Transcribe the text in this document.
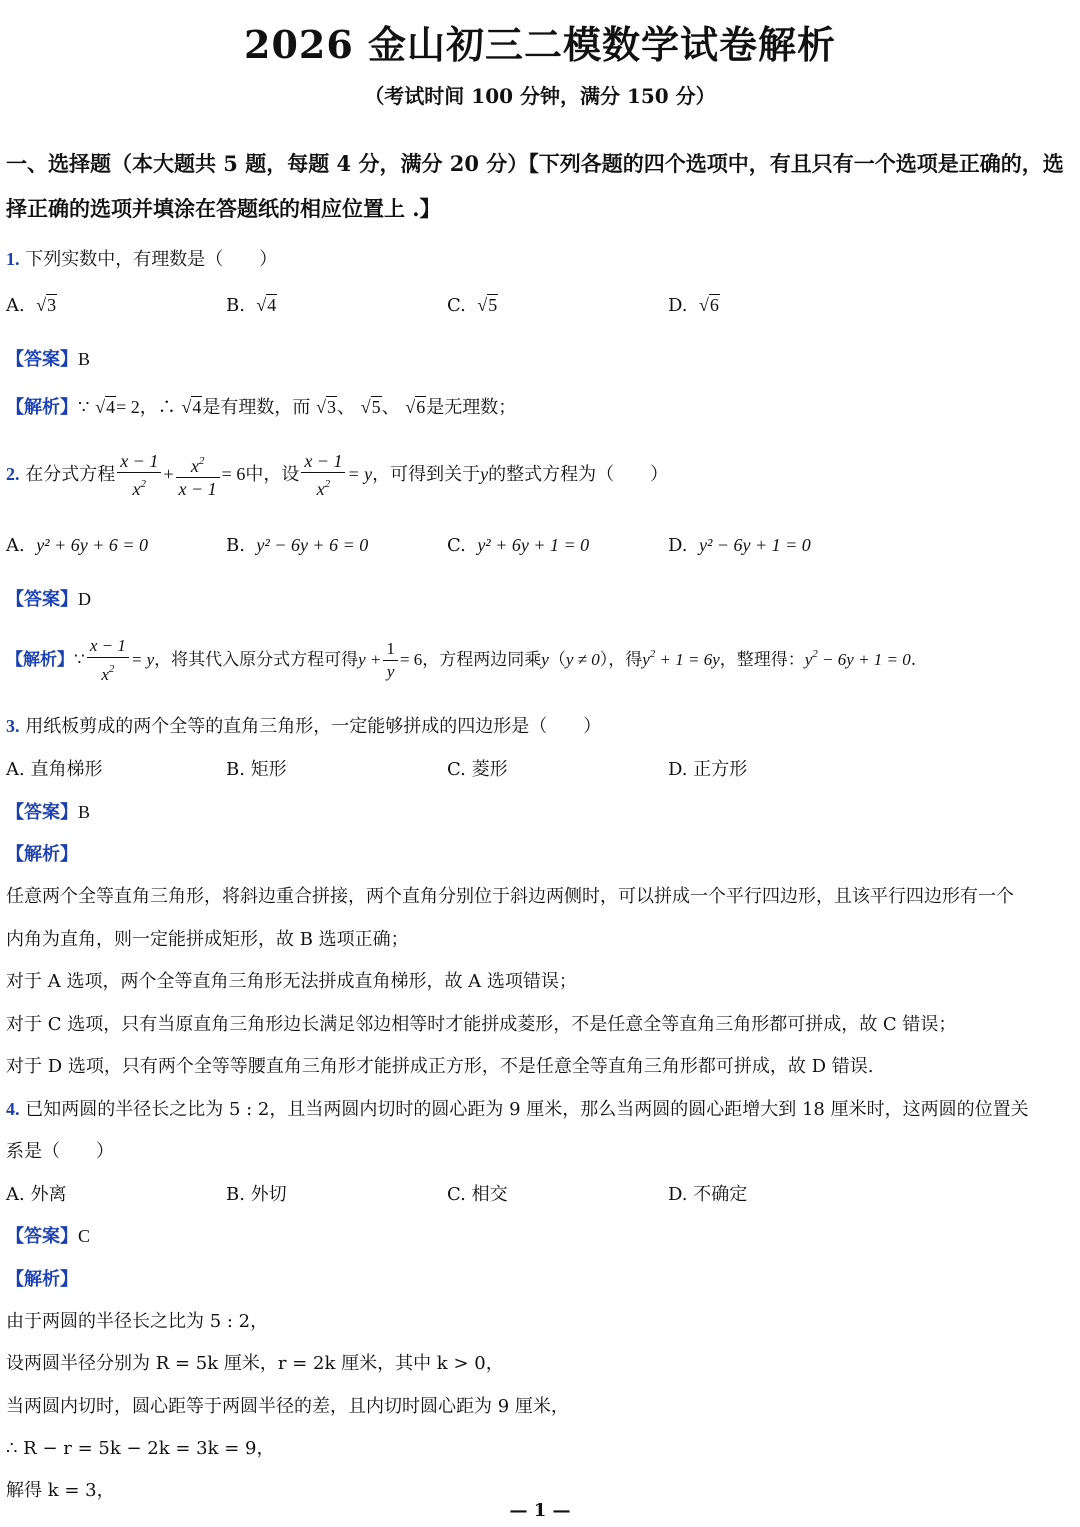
2026 金山初三二模数学试卷解析
（考试时间 100 分钟，满分 150 分）
一、选择题（本大题共 5 题，每题 4 分，满分 20 分）【下列各题的四个选项中，有且只有一个选项是正确的，选
择正确的选项并填涂在答题纸的相应位置上 .】
1. 下列实数中，有理数是（　　）
A. √3	B. √4	C. √5	D. √6
【答案】B
【解析】∵ √4= 2，∴ √4是有理数，而 √3、 √5、 √6是无理数；
2. 在分式方程 $\frac{x - 1}{x^2} + \frac{x^2}{x - 1} = 6$中，设 $\frac{x - 1}{x^2} = y$，可得到关于y的整式方程为（　　）
A. y² + 6y + 6 = 0	B. y² − 6y + 6 = 0	C. y² + 6y + 1 = 0	D. y² − 6y + 1 = 0
【答案】D
【解析】∵ $\frac{x - 1}{x^2} = y$，将其代入原分式方程可得$y + \frac{1}{y} = 6$，方程两边同乘y（y ≠ 0），得$y^2 + 1 = 6y$，整理得：$y^2 - 6y + 1 = 0$.
3. 用纸板剪成的两个全等的直角三角形，一定能够拼成的四边形是（　　）
A. 直角梯形	B. 矩形	C. 菱形	D. 正方形
【答案】B
【解析】
任意两个全等直角三角形，将斜边重合拼接，两个直角分别位于斜边两侧时，可以拼成一个平行四边形，且该平行四边形有一个
内角为直角，则一定能拼成矩形，故 B 选项正确；
对于 A 选项，两个全等直角三角形无法拼成直角梯形，故 A 选项错误；
对于 C 选项，只有当原直角三角形边长满足邻边相等时才能拼成菱形，不是任意全等直角三角形都可拼成，故 C 错误；
对于 D 选项，只有两个全等等腰直角三角形才能拼成正方形，不是任意全等直角三角形都可拼成，故 D 错误.
4. 已知两圆的半径长之比为 5 : 2，且当两圆内切时的圆心距为 9 厘米，那么当两圆的圆心距增大到 18 厘米时，这两圆的位置关
系是（　　）
A. 外离	B. 外切	C. 相交	D. 不确定
【答案】C
【解析】
由于两圆的半径长之比为 5 : 2，
设两圆半径分别为 R = 5k 厘米，r = 2k 厘米，其中 k > 0，
当两圆内切时，圆心距等于两圆半径的差，且内切时圆心距为 9 厘米，
∴ R − r = 5k − 2k = 3k = 9，
解得 k = 3，
— 1 —
